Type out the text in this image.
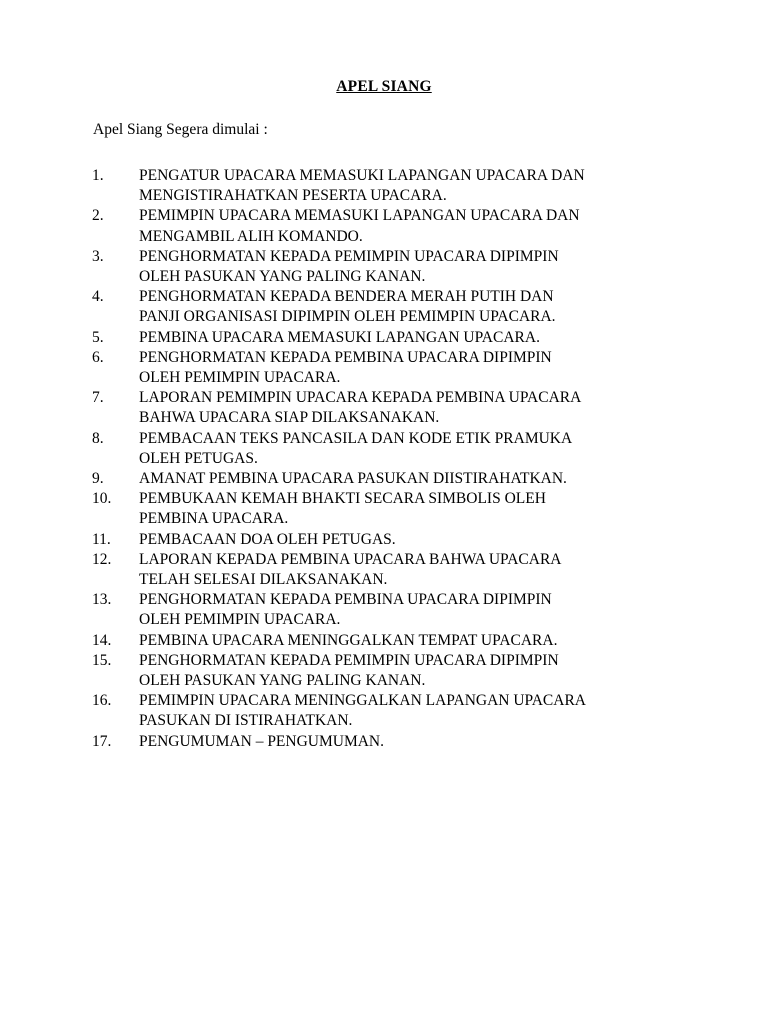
APEL SIANG
Apel Siang Segera dimulai :
1.	PENGATUR UPACARA MEMASUKI LAPANGAN UPACARA DAN
MENGISTIRAHATKAN PESERTA UPACARA.
2.	PEMIMPIN UPACARA MEMASUKI LAPANGAN UPACARA DAN
MENGAMBIL ALIH KOMANDO.
3.	PENGHORMATAN KEPADA PEMIMPIN UPACARA DIPIMPIN
OLEH PASUKAN YANG PALING KANAN.
4.	PENGHORMATAN KEPADA BENDERA MERAH PUTIH DAN
PANJI ORGANISASI DIPIMPIN OLEH PEMIMPIN UPACARA.
5.	PEMBINA UPACARA MEMASUKI LAPANGAN UPACARA.
6.	PENGHORMATAN KEPADA PEMBINA UPACARA DIPIMPIN
OLEH PEMIMPIN UPACARA.
7.	LAPORAN PEMIMPIN UPACARA KEPADA PEMBINA UPACARA
BAHWA UPACARA SIAP DILAKSANAKAN.
8.	PEMBACAAN TEKS PANCASILA DAN KODE ETIK PRAMUKA
OLEH PETUGAS.
9.	AMANAT PEMBINA UPACARA PASUKAN DIISTIRAHATKAN.
10.	PEMBUKAAN KEMAH BHAKTI SECARA SIMBOLIS OLEH
PEMBINA UPACARA.
11.	PEMBACAAN DOA OLEH PETUGAS.
12.	LAPORAN KEPADA PEMBINA UPACARA BAHWA UPACARA
TELAH SELESAI DILAKSANAKAN.
13.	PENGHORMATAN KEPADA PEMBINA UPACARA DIPIMPIN
OLEH PEMIMPIN UPACARA.
14.	PEMBINA UPACARA MENINGGALKAN TEMPAT UPACARA.
15.	PENGHORMATAN KEPADA PEMIMPIN UPACARA DIPIMPIN
OLEH PASUKAN YANG PALING KANAN.
16.	PEMIMPIN UPACARA MENINGGALKAN LAPANGAN UPACARA
PASUKAN DI ISTIRAHATKAN.
17.	PENGUMUMAN – PENGUMUMAN.
